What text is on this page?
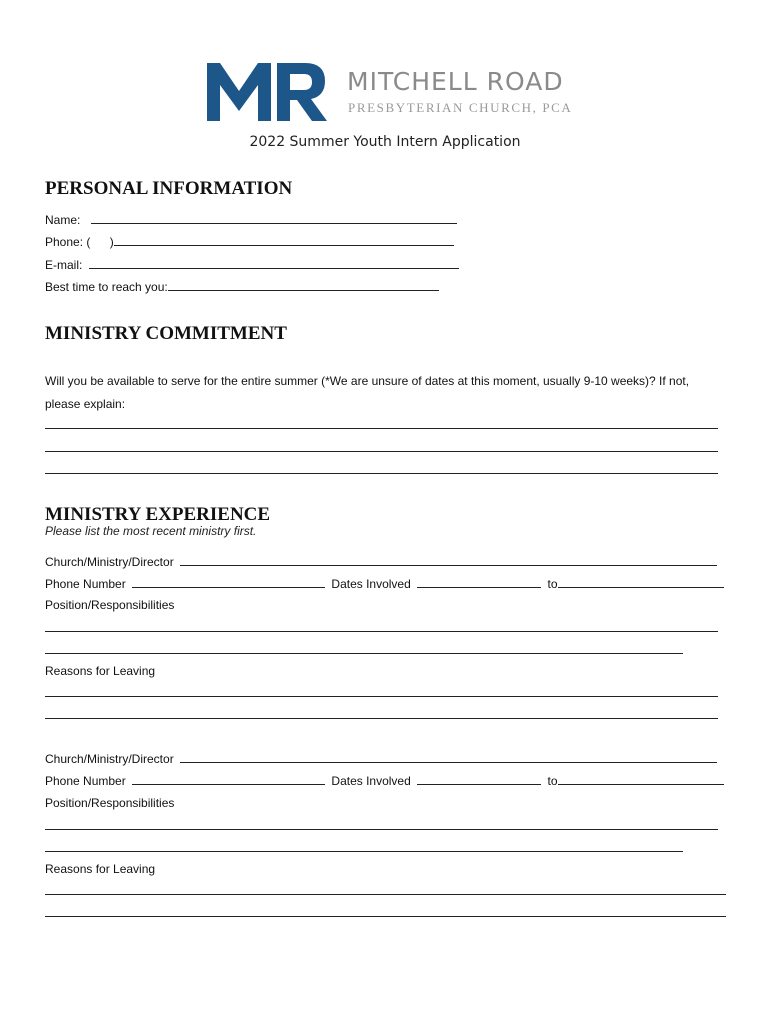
MITCHELL ROAD
PRESBYTERIAN CHURCH, PCA
2022 Summer Youth Intern Application
PERSONAL INFORMATION
Name:
Phone: ( )
E-mail:
Best time to reach you:
MINISTRY COMMITMENT
Will you be available to serve for the entire summer (*We are unsure of dates at this moment, usually 9-10 weeks)? If not,
please explain:
MINISTRY EXPERIENCE
Please list the most recent ministry first.
Church/Ministry/Director
Phone Number	Dates Involved	to
Position/Responsibilities
Reasons for Leaving
Church/Ministry/Director
Phone Number	Dates Involved	to
Position/Responsibilities
Reasons for Leaving
